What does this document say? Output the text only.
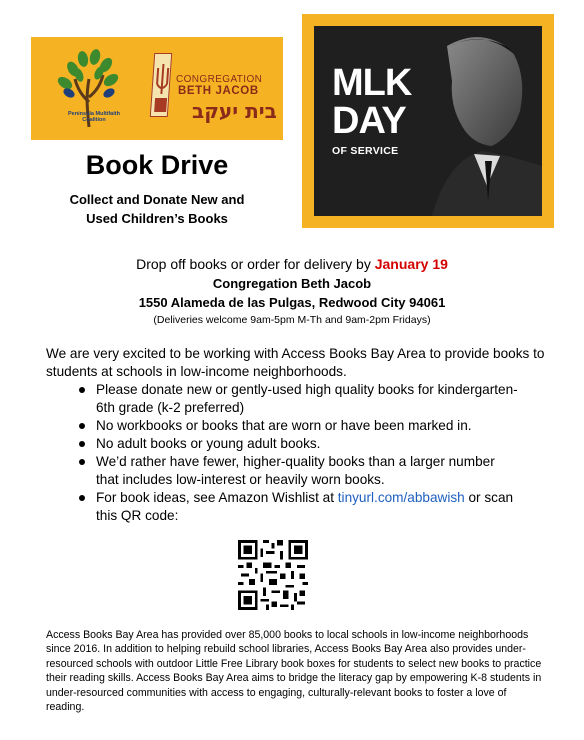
Peninsula Multifaith Coalition
CONGREGATION
BETH JACOB
בית יעקב
MLK
DAY
OF SERVICE
Book Drive
Collect and Donate New and
Used Children’s Books
Drop off books or order for delivery by January 19
Congregation Beth Jacob
1550 Alameda de las Pulgas, Redwood City 94061
(Deliveries welcome 9am-5pm M-Th and 9am-2pm Fridays)
We are very excited to be working with Access Books Bay Area to provide books to students at schools in low-income neighborhoods.
Please donate new or gently-used high quality books for kindergarten-6th grade (k-2 preferred)
No workbooks or books that are worn or have been marked in.
No adult books or young adult books.
We’d rather have fewer, higher-quality books than a larger number that includes low-interest or heavily worn books.
For book ideas, see Amazon Wishlist at tinyurl.com/abbawish or scan this QR code:
Access Books Bay Area has provided over 85,000 books to local schools in low-income neighborhoods since 2016. In addition to helping rebuild school libraries, Access Books Bay Area also provides under-resourced schools with outdoor Little Free Library book boxes for students to select new books to practice their reading skills. Access Books Bay Area aims to bridge the literacy gap by empowering K-8 students in under-resourced communities with access to engaging, culturally-relevant books to foster a love of reading.
